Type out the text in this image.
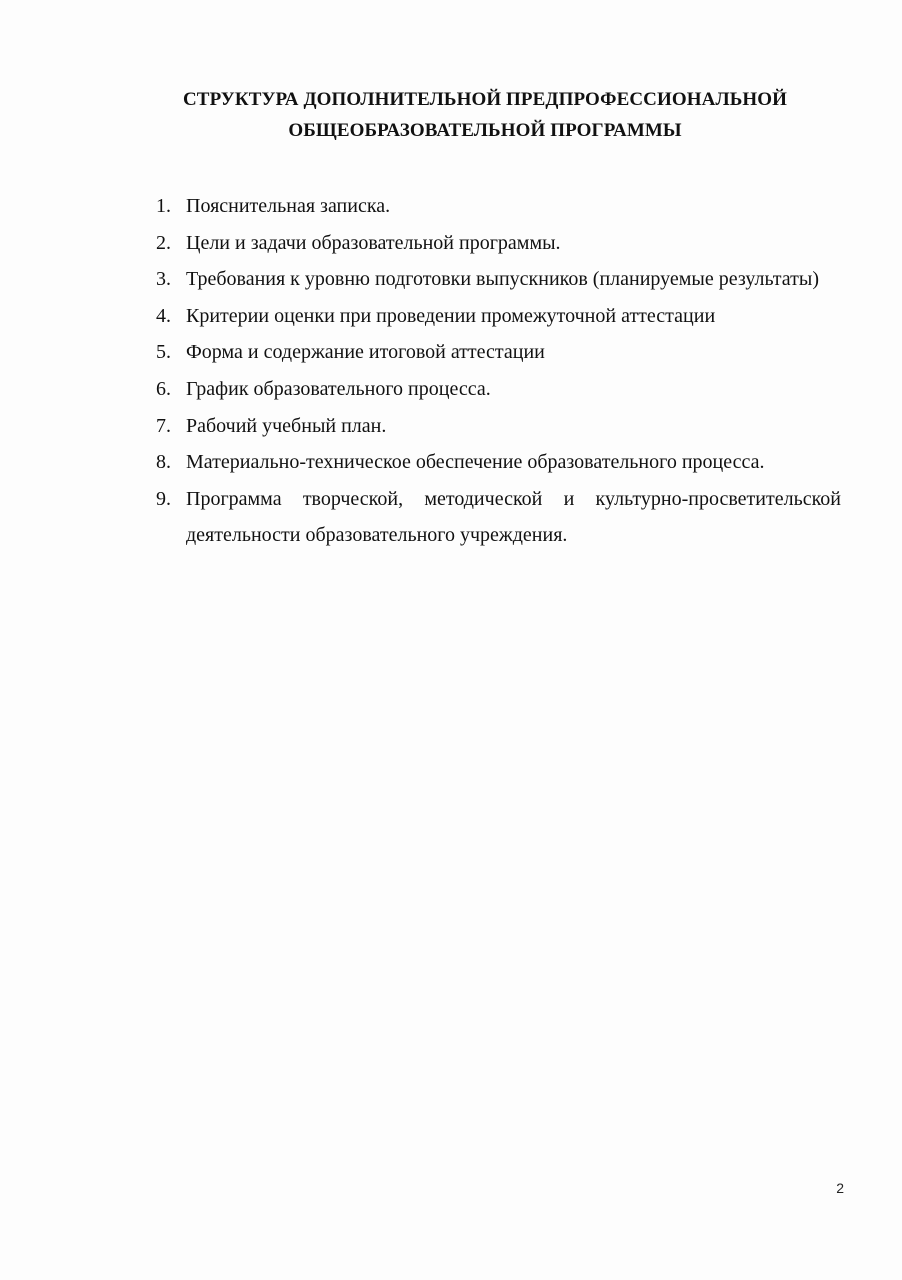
СТРУКТУРА ДОПОЛНИТЕЛЬНОЙ ПРЕДПРОФЕССИОНАЛЬНОЙ
ОБЩЕОБРАЗОВАТЕЛЬНОЙ ПРОГРАММЫ
1. Пояснительная записка.
2. Цели и задачи образовательной программы.
3. Требования к уровню подготовки выпускников (планируемые результаты)
4. Критерии оценки при проведении промежуточной аттестации
5. Форма и содержание итоговой аттестации
6. График образовательного процесса.
7. Рабочий учебный план.
8. Материально-техническое обеспечение образовательного процесса.
9. Программа творческой, методической и культурно-просветительской деятельности образовательного учреждения.
2
